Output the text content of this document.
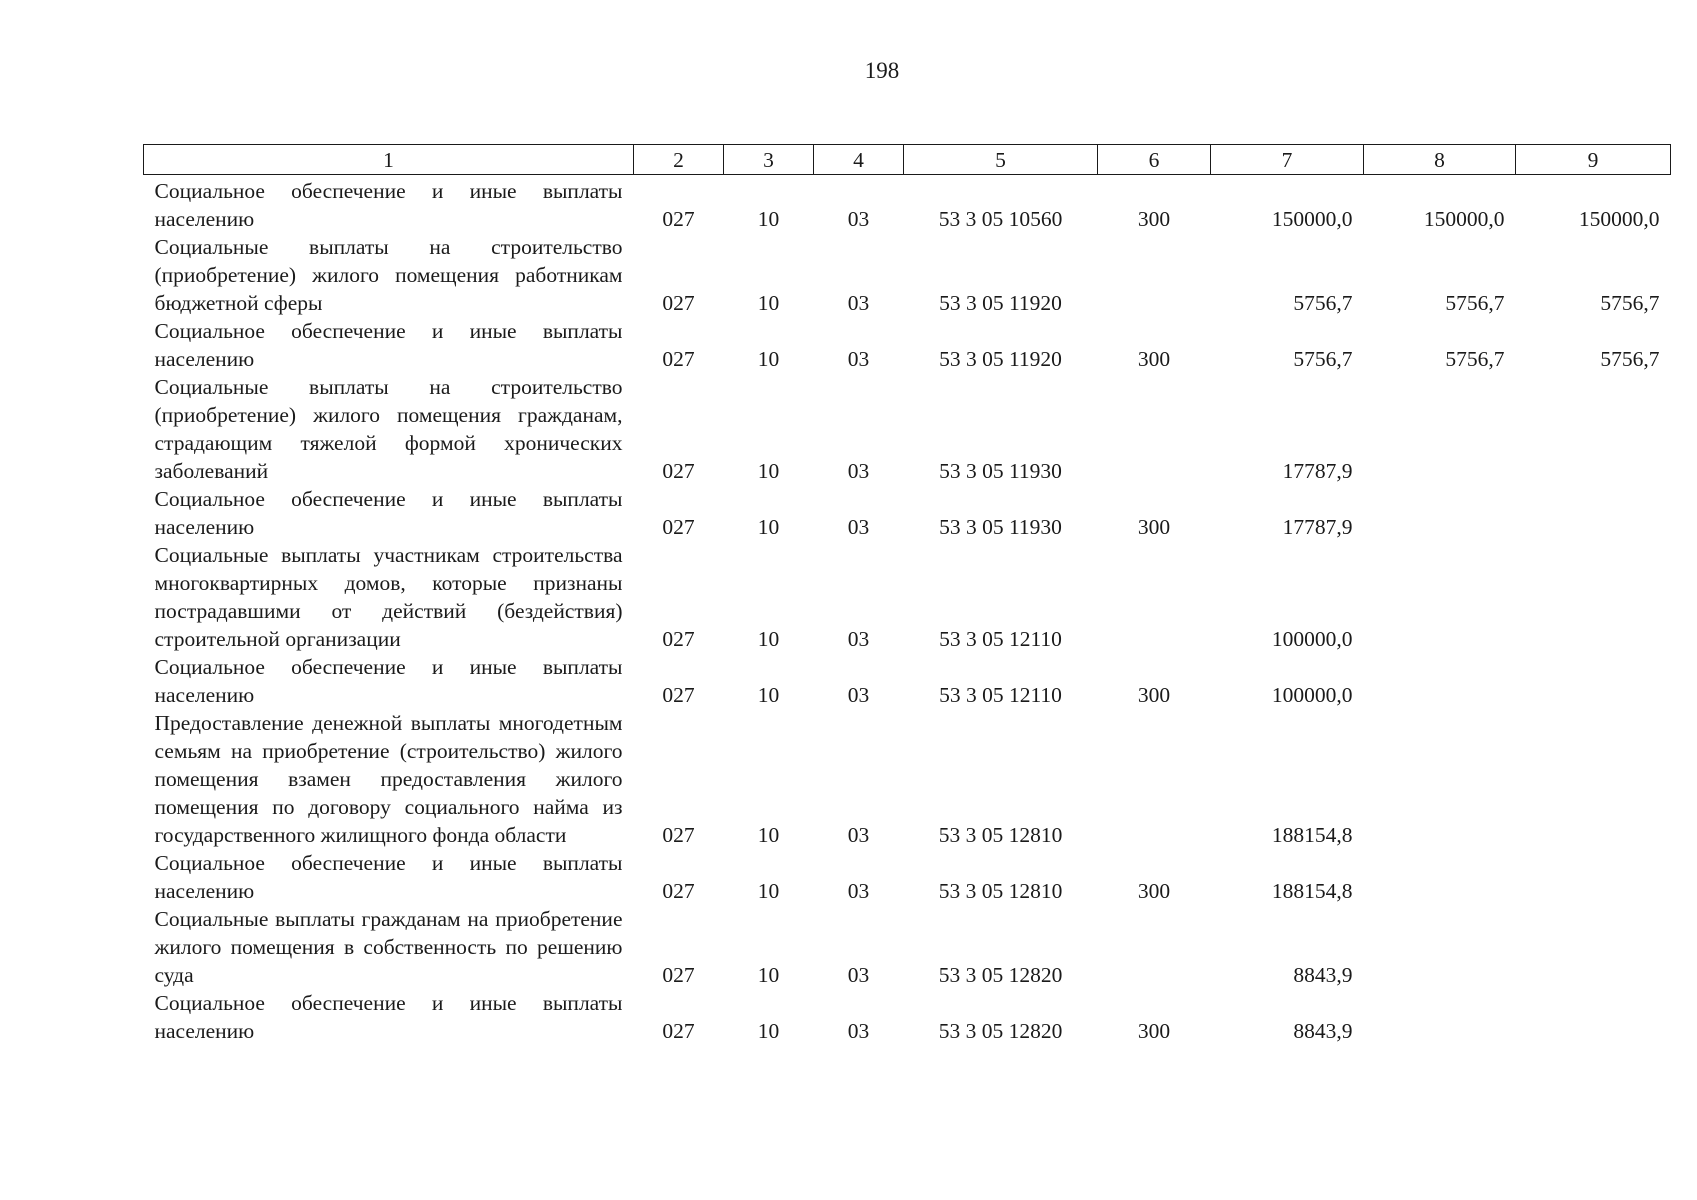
198
1	2	3	4	5	6	7	8	9
Социальное обеспечение и иные выплаты населению	027	10	03	53 3 05 10560	300	150000,0	150000,0	150000,0
Социальные выплаты на строительство (приобретение) жилого помещения работникам бюджетной сферы	027	10	03	53 3 05 11920		5756,7	5756,7	5756,7
Социальное обеспечение и иные выплаты населению	027	10	03	53 3 05 11920	300	5756,7	5756,7	5756,7
Социальные выплаты на строительство (приобретение) жилого помещения гражданам, страдающим тяжелой формой хронических заболеваний	027	10	03	53 3 05 11930		17787,9		
Социальное обеспечение и иные выплаты населению	027	10	03	53 3 05 11930	300	17787,9		
Социальные выплаты участникам строительства многоквартирных домов, которые признаны пострадавшими от действий (бездействия) строительной организации	027	10	03	53 3 05 12110		100000,0		
Социальное обеспечение и иные выплаты населению	027	10	03	53 3 05 12110	300	100000,0		
Предоставление денежной выплаты многодетным семьям на приобретение (строительство) жилого помещения взамен предоставления жилого помещения по договору социального найма из государственного жилищного фонда области	027	10	03	53 3 05 12810		188154,8		
Социальное обеспечение и иные выплаты населению	027	10	03	53 3 05 12810	300	188154,8		
Социальные выплаты гражданам на приобретение жилого помещения в собственность по решению суда	027	10	03	53 3 05 12820		8843,9		
Социальное обеспечение и иные выплаты населению	027	10	03	53 3 05 12820	300	8843,9		
